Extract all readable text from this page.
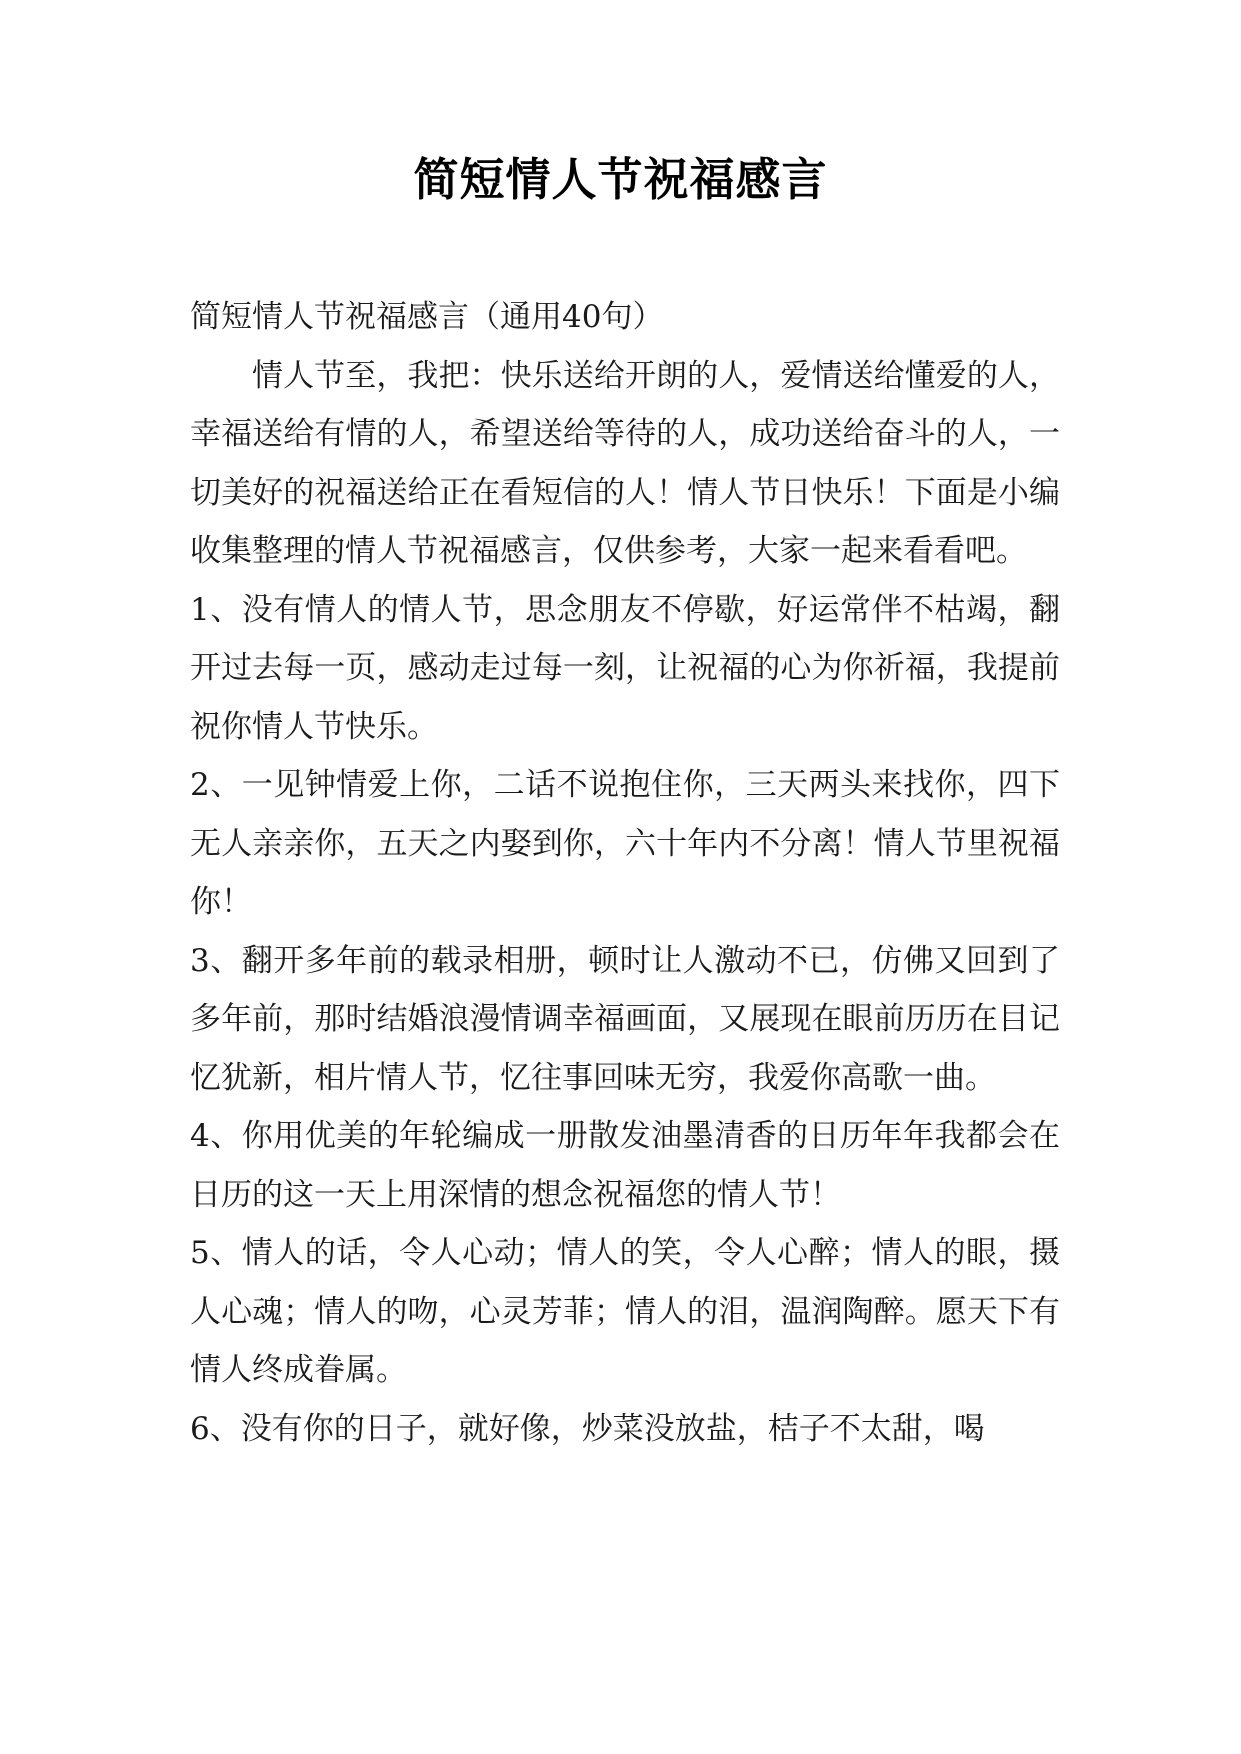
简短情人节祝福感言

简短情人节祝福感言（通用40句）

情人节至，我把：快乐送给开朗的人，爱情送给懂爱的人，幸福送给有情的人，希望送给等待的人，成功送给奋斗的人，一切美好的祝福送给正在看短信的人！情人节日快乐！下面是小编收集整理的情人节祝福感言，仅供参考，大家一起来看看吧。

1、没有情人的情人节，思念朋友不停歇，好运常伴不枯竭，翻开过去每一页，感动走过每一刻，让祝福的心为你祈福，我提前祝你情人节快乐。

2、一见钟情爱上你，二话不说抱住你，三天两头来找你，四下无人亲亲你，五天之内娶到你，六十年内不分离！情人节里祝福你！

3、翻开多年前的载录相册，顿时让人激动不已，仿佛又回到了多年前，那时结婚浪漫情调幸福画面，又展现在眼前历历在目记忆犹新，相片情人节，忆往事回味无穷，我爱你高歌一曲。

4、你用优美的年轮编成一册散发油墨清香的日历年年我都会在日历的这一天上用深情的想念祝福您的情人节！

5、情人的话，令人心动；情人的笑，令人心醉；情人的眼，摄人心魂；情人的吻，心灵芳菲；情人的泪，温润陶醉。愿天下有情人终成眷属。

6、没有你的日子，就好像，炒菜没放盐，桔子不太甜，喝
